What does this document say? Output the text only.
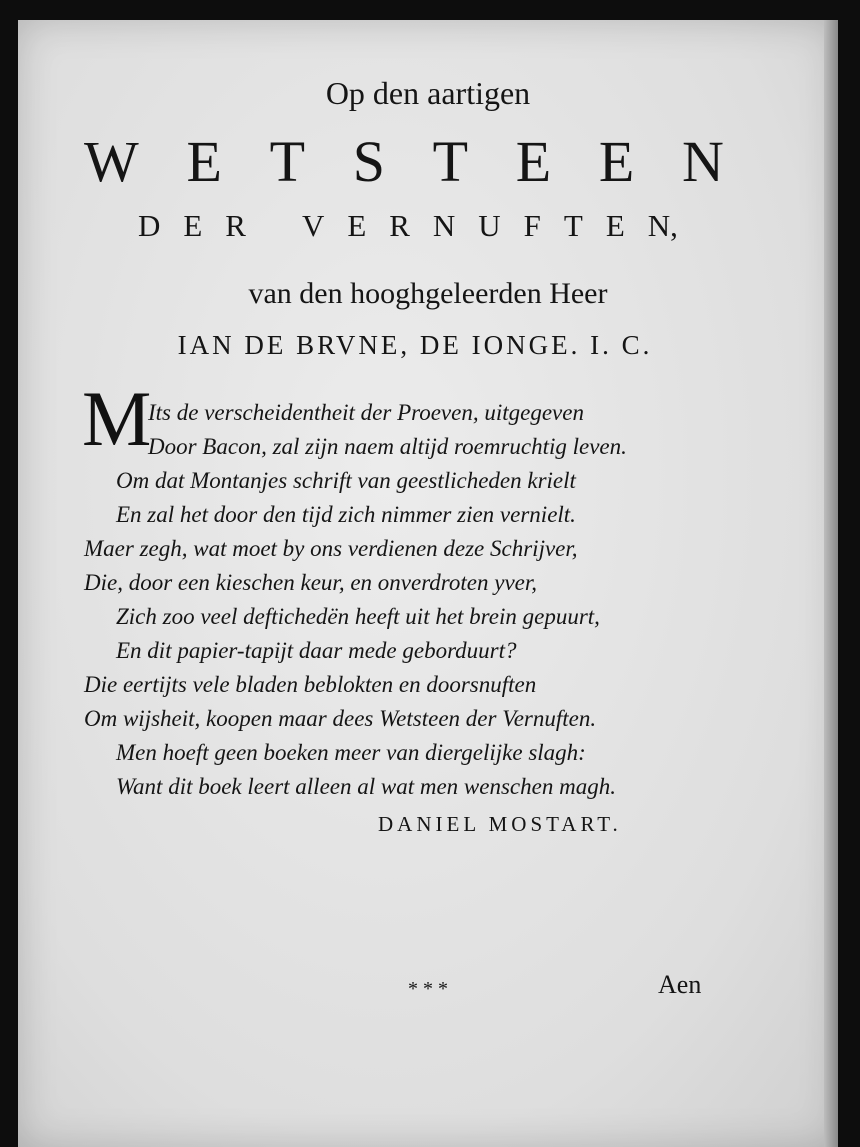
Op den aartigen
W E T S T E E N
D E R V E R N U F T E N,
van den hooghgeleerden Heer
IAN DE BRVNE, DE IONGE. I. C.
M
Its de verscheidentheit der Proeven, uitgegeven
Door Bacon, zal zijn naem altijd roemruchtig leven.
Om dat Montanjes schrift van geestlicheden krielt
En zal het door den tijd zich nimmer zien vernielt.
Maer zegh, wat moet by ons verdienen deze Schrijver,
Die, door een kieschen keur, en onverdroten yver,
Zich zoo veel deftichedën heeft uit het brein gepuurt,
En dit papier-tapijt daar mede geborduurt?
Die eertijts vele bladen beblokten en doorsnuften
Om wijsheit, koopen maar dees Wetsteen der Vernuften.
Men hoeft geen boeken meer van diergelijke slagh:
Want dit boek leert alleen al wat men wenschen magh.
DANIEL MOSTART.
* * *	Aen
